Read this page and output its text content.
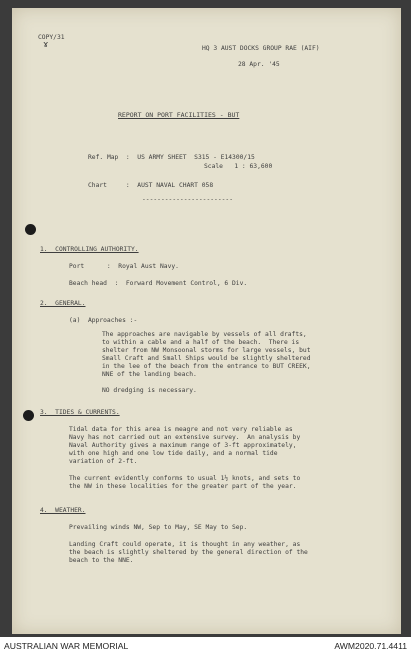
COPY/31
ɤ	HQ 3 AUST DOCKS GROUP RAE (AIF)
28 Apr. '45
REPORT ON PORT FACILITIES - BUT
Ref. Map  :  US ARMY SHEET  S315 - E14300/15
Scale   1 : 63,600
Chart     :  AUST NAVAL CHART 058
------------------------
1.  CONTROLLING AUTHORITY.
Port      :  Royal Aust Navy.
Beach head  :  Forward Movement Control, 6 Div.
2.  GENERAL.
(a)  Approaches :-
The approaches are navigable by vessels of all drafts,
to within a cable and a half of the beach.  There is
shelter from NW Monsoonal storms for large vessels, but
Small Craft and Small Ships would be slightly sheltered
in the lee of the beach from the entrance to BUT CREEK,
NNE of the landing beach.
NO dredging is necessary.
3.  TIDES & CURRENTS.
Tidal data for this area is meagre and not very reliable as
Navy has not carried out an extensive survey.  An analysis by
Naval Authority gives a maximum range of 3-ft approximately,
with one high and one low tide daily, and a normal tide
variation of 2-ft.
The current evidently conforms to usual 1½ knots, and sets to
the NW in these localities for the greater part of the year.
4.  WEATHER.
Prevailing winds NW, Sep to May, SE May to Sep.
Landing Craft could operate, it is thought in any weather, as
the beach is slightly sheltered by the general direction of the
beach to the NNE.
AUSTRALIAN WAR MEMORIAL	AWM2020.71.4411
